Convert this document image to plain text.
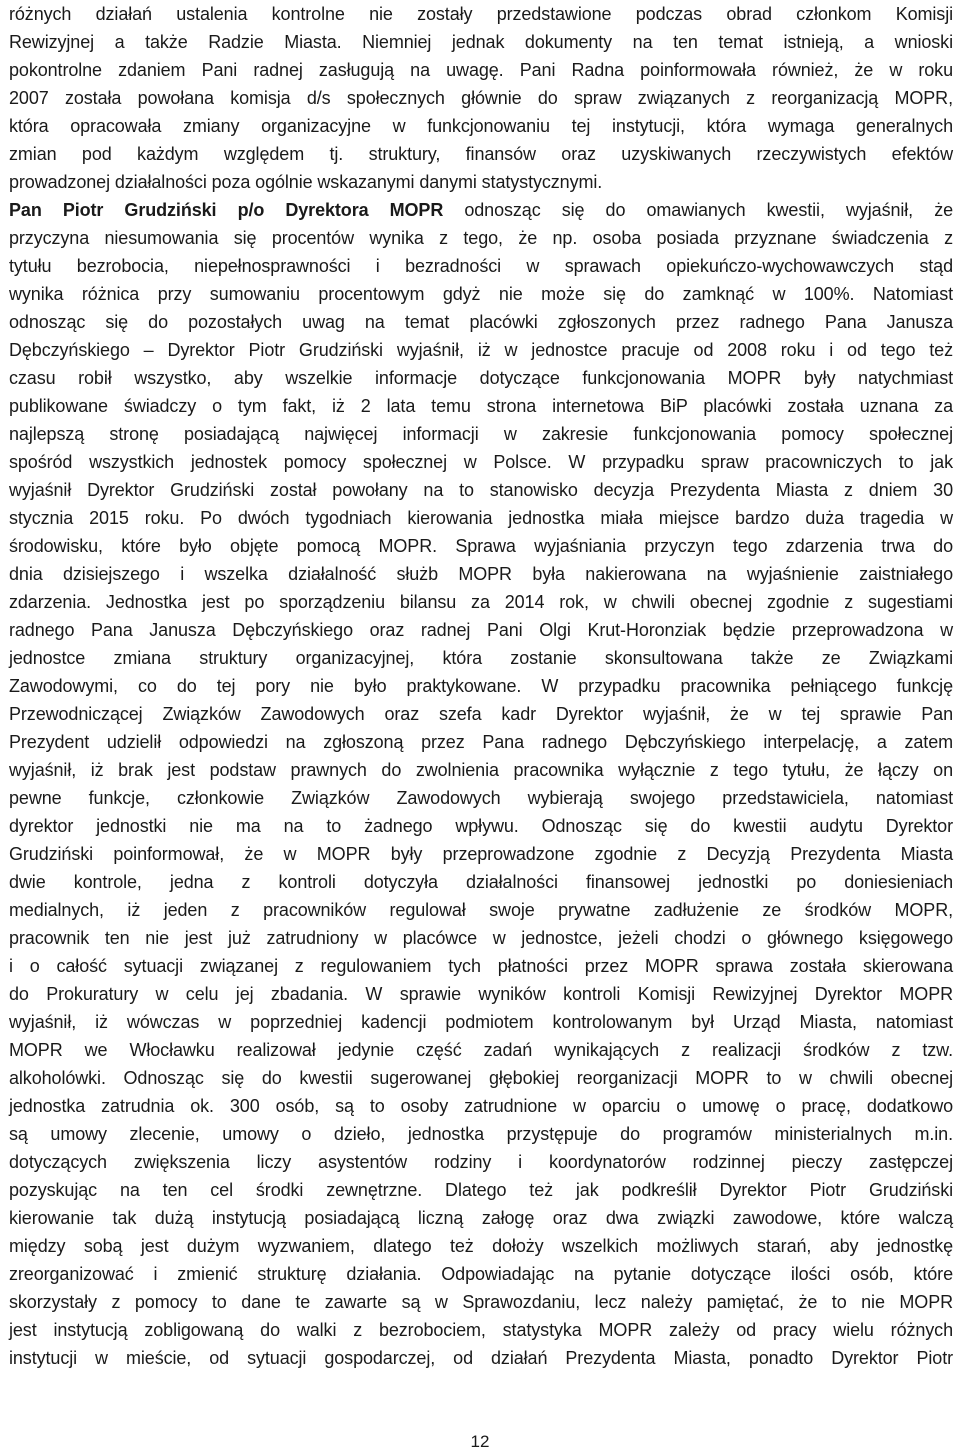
różnych działań ustalenia kontrolne nie zostały przedstawione podczas obrad członkom Komisji
Rewizyjnej a także Radzie Miasta. Niemniej jednak dokumenty na ten temat istnieją, a wnioski
pokontrolne zdaniem Pani radnej zasługują na uwagę. Pani Radna poinformowała również, że w roku
2007 została powołana komisja d/s społecznych głównie do spraw związanych z reorganizacją MOPR,
która opracowała zmiany organizacyjne w funkcjonowaniu tej instytucji, która wymaga generalnych
zmian pod każdym względem tj. struktury, finansów oraz uzyskiwanych rzeczywistych efektów
prowadzonej działalności poza ogólnie wskazanymi danymi statystycznymi.
Pan Piotr Grudziński p/o Dyrektora MOPR odnosząc się do omawianych kwestii, wyjaśnił, że
przyczyna niesumowania się procentów wynika z tego, że np. osoba posiada przyznane świadczenia z
tytułu bezrobocia, niepełnosprawności i bezradności w sprawach opiekuńczo-wychowawczych stąd
wynika różnica przy sumowaniu procentowym gdyż nie może się do zamknąć w 100%. Natomiast
odnosząc się do pozostałych uwag na temat placówki zgłoszonych przez radnego Pana Janusza
Dębczyńskiego – Dyrektor Piotr Grudziński wyjaśnił, iż w jednostce pracuje od 2008 roku i od tego też
czasu robił wszystko, aby wszelkie informacje dotyczące funkcjonowania MOPR były natychmiast
publikowane świadczy o tym fakt, iż 2 lata temu strona internetowa BiP placówki została uznana za
najlepszą stronę posiadającą najwięcej informacji w zakresie funkcjonowania pomocy społecznej
spośród wszystkich jednostek pomocy społecznej w Polsce. W przypadku spraw pracowniczych to jak
wyjaśnił Dyrektor Grudziński został powołany na to stanowisko decyzja Prezydenta Miasta z dniem 30
stycznia 2015 roku. Po dwóch tygodniach kierowania jednostka miała miejsce bardzo duża tragedia w
środowisku, które było objęte pomocą MOPR. Sprawa wyjaśniania przyczyn tego zdarzenia trwa do
dnia dzisiejszego i wszelka działalność służb MOPR była nakierowana na wyjaśnienie zaistniałego
zdarzenia. Jednostka jest po sporządzeniu bilansu za 2014 rok, w chwili obecnej zgodnie z sugestiami
radnego Pana Janusza Dębczyńskiego oraz radnej Pani Olgi Krut-Horonziak będzie przeprowadzona w
jednostce zmiana struktury organizacyjnej, która zostanie skonsultowana także ze Związkami
Zawodowymi, co do tej pory nie było praktykowane. W przypadku pracownika pełniącego funkcję
Przewodniczącej Związków Zawodowych oraz szefa kadr Dyrektor wyjaśnił, że w tej sprawie Pan
Prezydent udzielił odpowiedzi na zgłoszoną przez Pana radnego Dębczyńskiego interpelację, a zatem
wyjaśnił, iż brak jest podstaw prawnych do zwolnienia pracownika wyłącznie z tego tytułu, że łączy on
pewne funkcje, członkowie Związków Zawodowych wybierają swojego przedstawiciela, natomiast
dyrektor jednostki nie ma na to żadnego wpływu. Odnosząc się do kwestii audytu Dyrektor
Grudziński poinformował, że w MOPR były przeprowadzone zgodnie z Decyzją Prezydenta Miasta
dwie kontrole, jedna z kontroli dotyczyła działalności finansowej jednostki po doniesieniach
medialnych, iż jeden z pracowników regulował swoje prywatne zadłużenie ze środków MOPR,
pracownik ten nie jest już zatrudniony w placówce w jednostce, jeżeli chodzi o głównego księgowego
i o całość sytuacji związanej z regulowaniem tych płatności przez MOPR sprawa została skierowana
do Prokuratury w celu jej zbadania. W sprawie wyników kontroli Komisji Rewizyjnej Dyrektor MOPR
wyjaśnił, iż wówczas w poprzedniej kadencji podmiotem kontrolowanym był Urząd Miasta, natomiast
MOPR we Włocławku realizował jedynie część zadań wynikających z realizacji środków z tzw.
alkoholówki. Odnosząc się do kwestii sugerowanej głębokiej reorganizacji MOPR to w chwili obecnej
jednostka zatrudnia ok. 300 osób, są to osoby zatrudnione w oparciu o umowę o pracę, dodatkowo
są umowy zlecenie, umowy o dzieło, jednostka przystępuje do programów ministerialnych m.in.
dotyczących zwiększenia liczy asystentów rodziny i koordynatorów rodzinnej pieczy zastępczej
pozyskując na ten cel środki zewnętrzne. Dlatego też jak podkreślił Dyrektor Piotr Grudziński
kierowanie tak dużą instytucją posiadającą liczną załogę oraz dwa związki zawodowe, które walczą
między sobą jest dużym wyzwaniem, dlatego też dołoży wszelkich możliwych starań, aby jednostkę
zreorganizować i zmienić strukturę działania. Odpowiadając na pytanie dotyczące ilości osób, które
skorzystały z pomocy to dane te zawarte są w Sprawozdaniu, lecz należy pamiętać, że to nie MOPR
jest instytucją zobligowaną do walki z bezrobociem, statystyka MOPR zależy od pracy wielu różnych
instytucji w mieście, od sytuacji gospodarczej, od działań Prezydenta Miasta, ponadto Dyrektor Piotr
12
